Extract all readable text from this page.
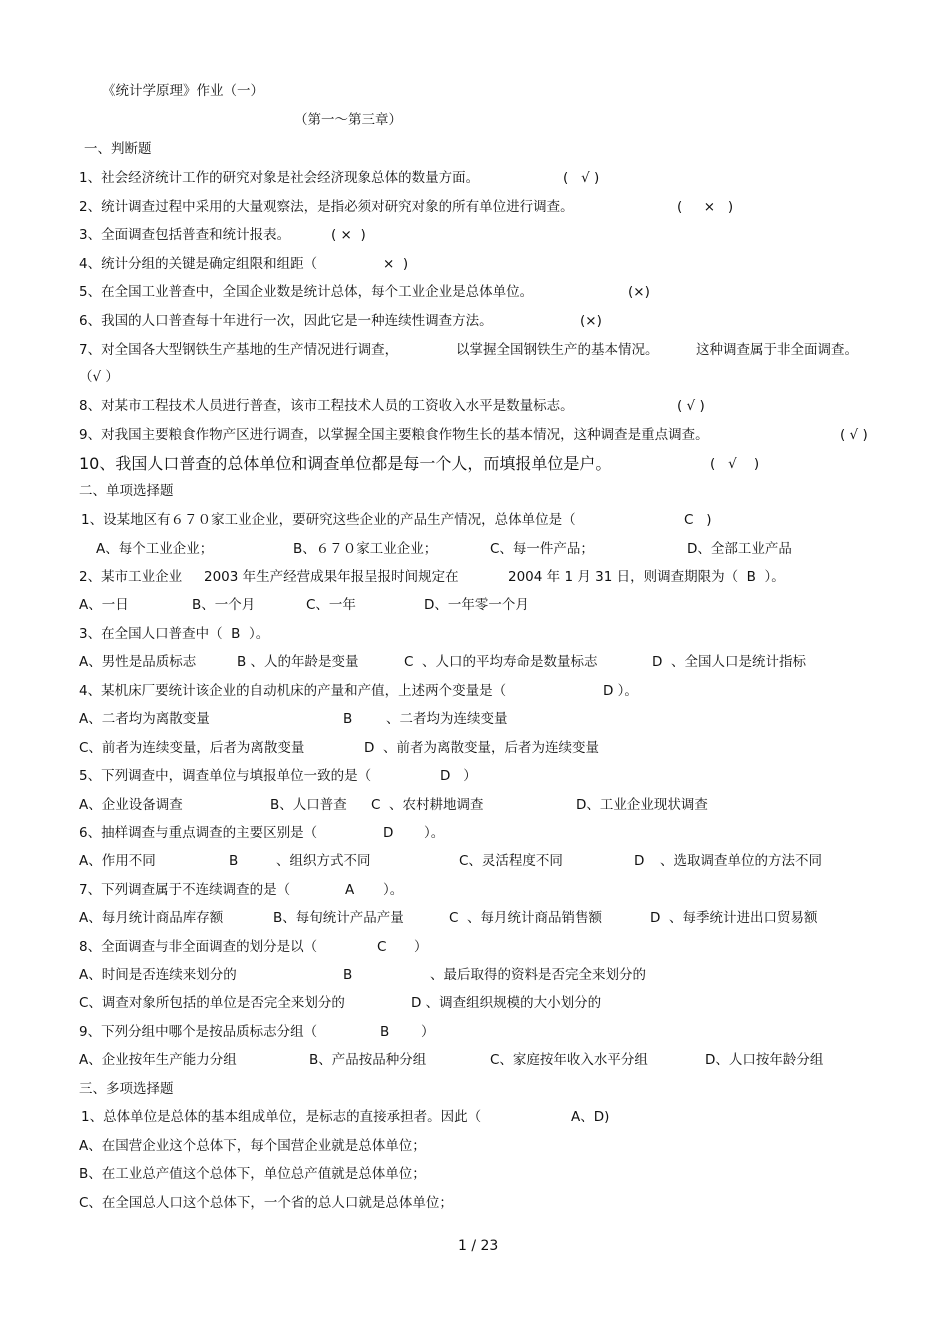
《统计学原理》作业（一）
（第一～第三章）
一、判断题
1、社会经济统计工作的研究对象是社会经济现象总体的数量方面。	(   √ )
2、统计调查过程中采用的大量观察法，是指必须对研究对象的所有单位进行调查。	(     ×   )
3、全面调查包括普查和统计报表。	( ×  )
4、统计分组的关键是确定组限和组距（	×  )
5、在全国工业普查中，全国企业数是统计总体，每个工业企业是总体单位。	(×)
6、我国的人口普查每十年进行一次，因此它是一种连续性调查方法。	(×)
7、对全国各大型钢铁生产基地的生产情况进行调查，	以掌握全国钢铁生产的基本情况。	这种调查属于非全面调查。
（√ ）
8、对某市工程技术人员进行普查，该市工程技术人员的工资收入水平是数量标志。	( √ )
9、对我国主要粮食作物产区进行调查，以掌握全国主要粮食作物生长的基本情况，这种调查是重点调查。	( √ )
10、我国人口普查的总体单位和调查单位都是每一个人，而填报单位是户。	(   √    )
二、单项选择题
1、设某地区有６７０家工业企业，要研究这些企业的产品生产情况，总体单位是（	C   )
A、每个工业企业；	B、６７０家工业企业；	C、每一件产品；	D、全部工业产品
2、某市工业企业 2003 年生产经营成果年报呈报时间规定在	2004 年 1 月 31 日，则调查期限为（  B  ）。
A、一日	B、一个月	C、一年	D、一年零一个月
3、在全国人口普查中（  B  ）。
A、男性是品质标志	B 、人的年龄是变量	C  、人口的平均寿命是数量标志	D  、全国人口是统计指标
4、某机床厂要统计该企业的自动机床的产量和产值，上述两个变量是（	D ）。
A、二者均为离散变量	B 、二者均为连续变量
C、前者为连续变量，后者为离散变量	D  、前者为离散变量，后者为连续变量
5、下列调查中，调查单位与填报单位一致的是（	D   ）
A、企业设备调查	B、人口普查 C  、农村耕地调查	D、工业企业现状调查
6、抽样调查与重点调查的主要区别是（	D ）。
A、作用不同	B	、组织方式不同	C、灵活程度不同	D 、选取调查单位的方法不同
7、下列调查属于不连续调查的是（	A ）。
A、每月统计商品库存额	B、每旬统计产品产量	C  、每月统计商品销售额	D  、每季统计进出口贸易额
8、全面调查与非全面调查的划分是以（	C ）
A、时间是否连续来划分的	B	、最后取得的资料是否完全来划分的
C、调查对象所包括的单位是否完全来划分的	D 、调查组织规模的大小划分的
9、下列分组中哪个是按品质标志分组（	B ）
A、企业按年生产能力分组	B、产品按品种分组	C、家庭按年收入水平分组	D、人口按年龄分组
三、多项选择题
1、总体单位是总体的基本组成单位，是标志的直接承担者。因此（	A、D)
A、在国营企业这个总体下，每个国营企业就是总体单位；
B、在工业总产值这个总体下，单位总产值就是总体单位；
C、在全国总人口这个总体下，一个省的总人口就是总体单位；
1 / 23
